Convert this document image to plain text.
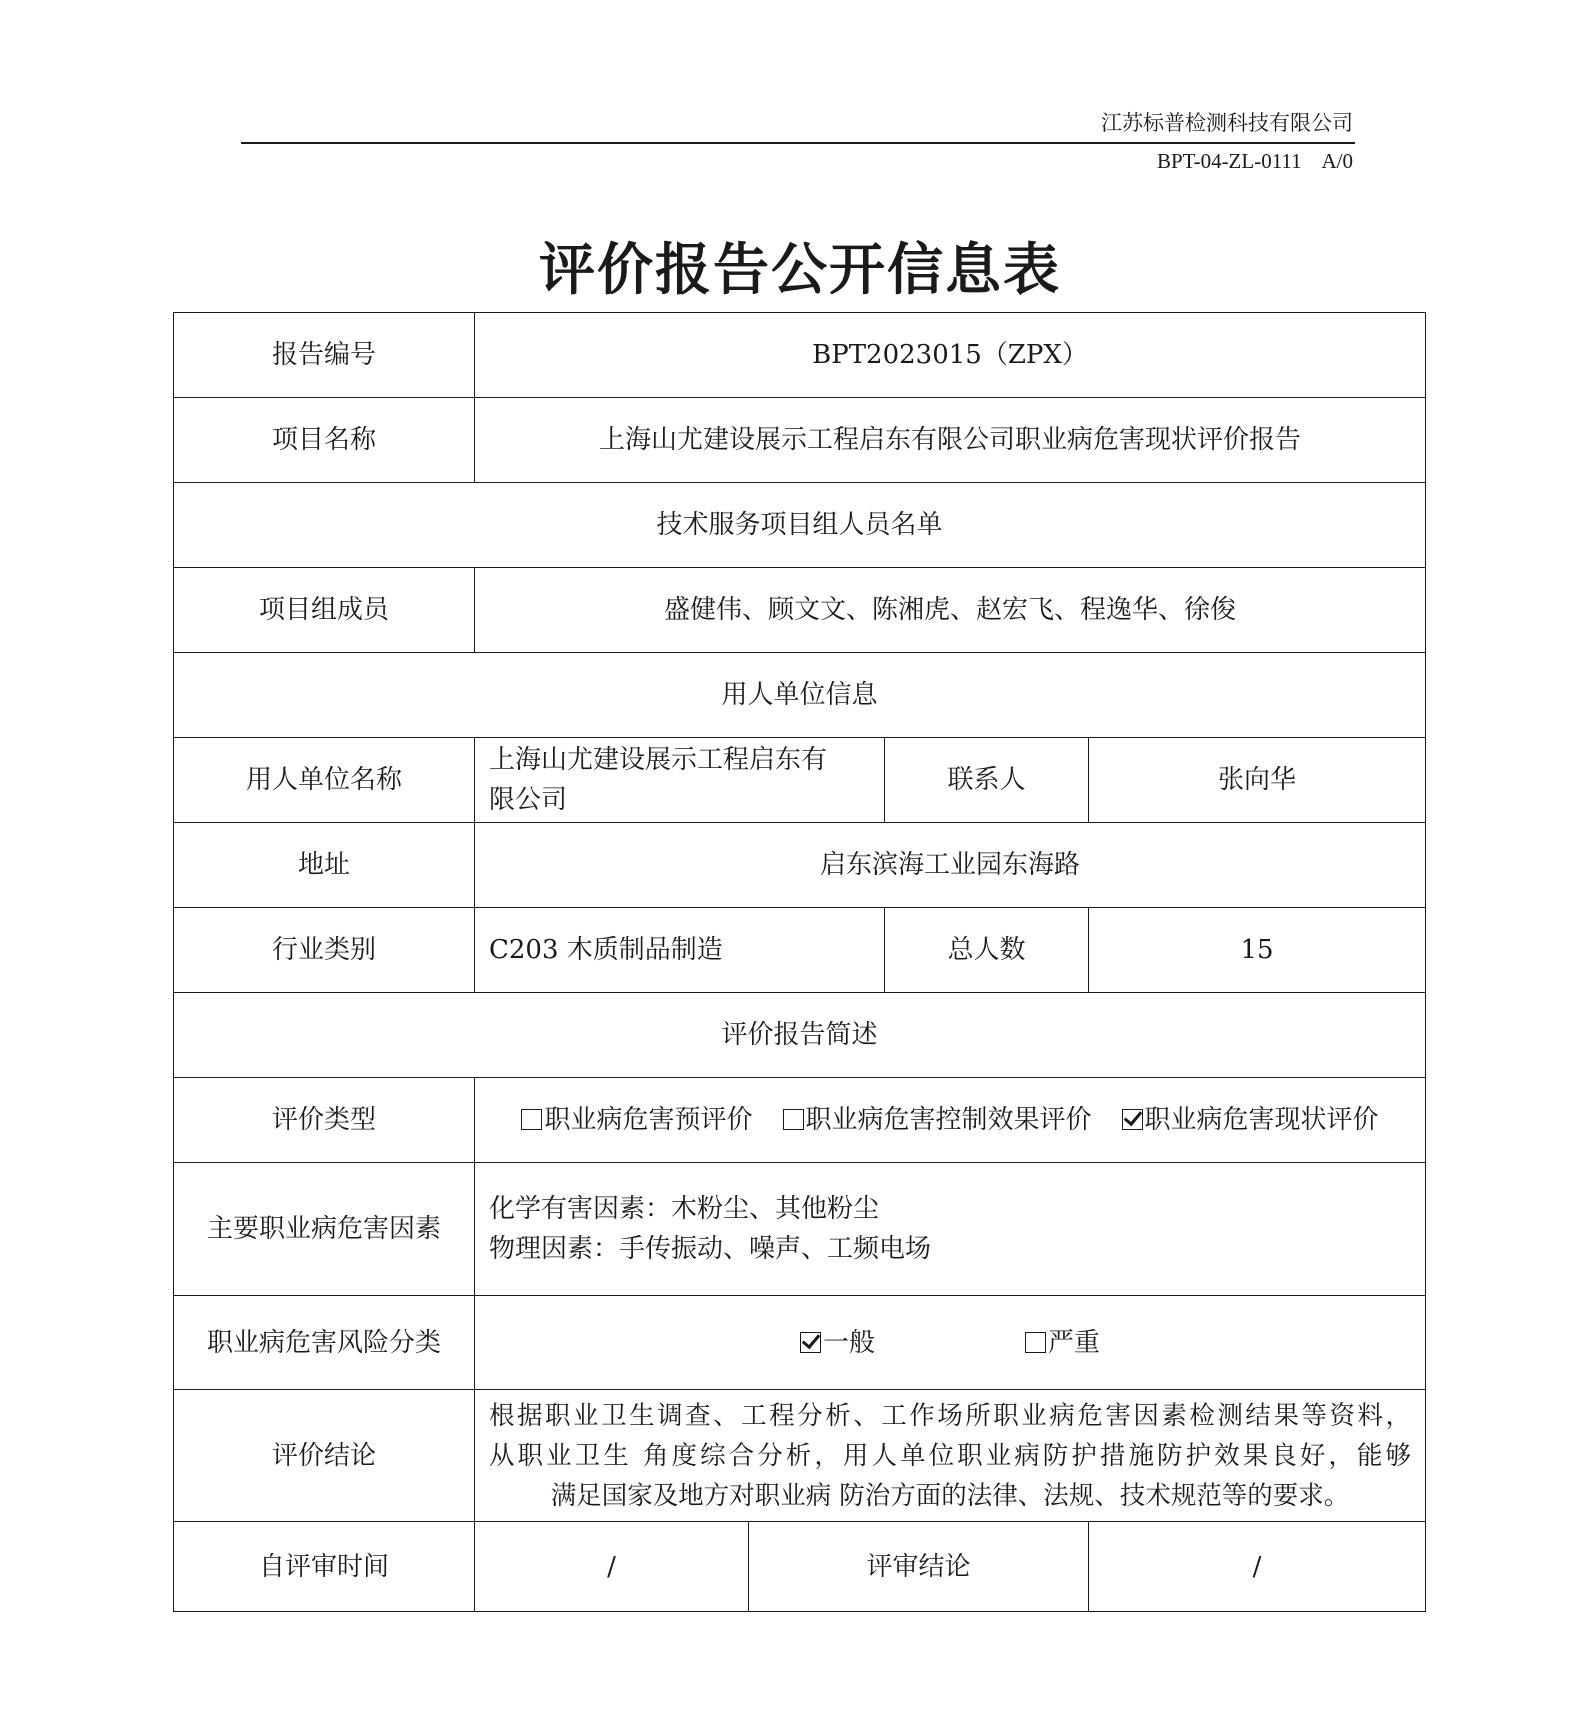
江苏标普检测科技有限公司
BPT-04-ZL-0111    A/0
评价报告公开信息表
报告编号	BPT2023015（ZPX）			
项目名称	上海山尤建设展示工程启东有限公司职业病危害现状评价报告			
技术服务项目组人员名单				
项目组成员	盛健伟、顾文文、陈湘虎、赵宏飞、程逸华、徐俊			
用人单位信息				
用人单位名称	上海山尤建设展示工程启东有
限公司		联系人	张向华
地址	启东滨海工业园东海路			
行业类别	C203 木质制品制造		总人数	15
评价报告简述				
评价类型	职业病危害预评价 职业病危害控制效果评价 职业病危害现状评价			
主要职业病危害因素	化学有害因素：木粉尘、其他粉尘
物理因素：手传振动、噪声、工频电场			

职业病危害风险分类	一般 严重			
评价结论	根据职业卫生调查、工程分析、工作场所职业病危害因素检测结果等资料，
从职业卫生 角度综合分析，用人单位职业病防护措施防护效果良好，能够
满足国家及地方对职业病 防治方面的法律、法规、技术规范等的要求。			

自评审时间	/	评审结论		/
